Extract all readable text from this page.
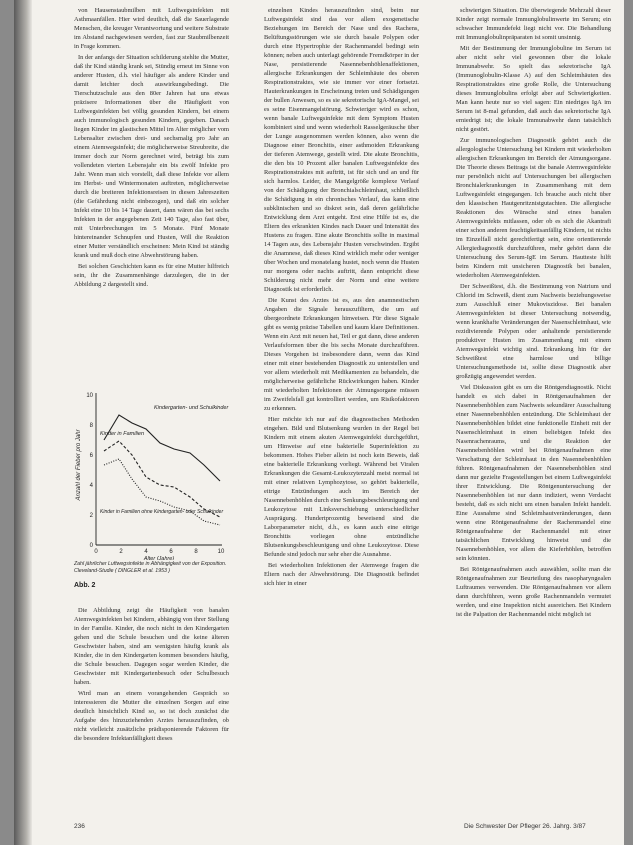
von Hausenstaubmilben mit Luftwegsinfekten mit Asthmaanfällen. Hier wird deutlich, daß die Sauerlagende Menschen, die kreuger Verantwortung und weitere Substrate im Abstand nachgewiesen werden, fast zur Staubmilbenzeit in Frage kommen.

In der anfangs der Situation schilderung stehlte die Mutter, daß ihr Kind ständig krank sei, Stündig erneut im Sinne von anderer Husten, d.h. viel häufiger als andere Kinder und damit leichter doch auswirkungsbedingt. Die Tierschutzschule aus den 80er Jahren hat uns etwas präzisere Informationen über die Häufigkeit von Luftwegsinfekten bei völlig gesunden Kindern, bei einem auch immunologisch gesunden Kindern, gegeben. Danach liegen Kinder im glastischen Mittel im Alter möglicher vom Lebensalter zwischen drei- und sechsmalig pro Jahr an einem Atemwegsinfekt; die möglicherweise Streubreite, die immer doch zur Norm gerechnet wird, beträgt bis zum vollendeten vierten Lebensjahr ein bis zwölf Infekte pro Jahr. Wenn man sich vorstellt, daß diese Infekte vor allem im Herbst- und Wintermonaten auftreten, möglicherweise durch die breiteren Infektionsreisen in diesen Jahreszeiten (die Gefährdung nicht einbezogen), und daß ein solcher Infekt eine 10 bis 14 Tage dauert, dann wären das bei sechs Infekten in der angegebenen Zeit 140 Tage, also fast über, mit Unterbrechungen im 5 Monate. Fünf Monate hintereinander Schnupfen und Husten, Will die Reaktion einer Mutter verständlich erscheinen: Mein Kind ist ständig krank und muß doch eine Abwehrstörung haben.

Bei solchen Geschichten kann es für eine Mutter hilfreich sein, ihr die Zusammenhänge darzulegen, die in der Abbildung 2 dargestellt sind.

Anzahl der Fieber pro Jahr
0
2
4
6
8
10
0	2	4	6	8	10
Kindergarten- und Schulkinder
Kinder in Familien
Kinder in Familien ohne Kindergarten- oder Schulkinder
Alter (Jahre)
Zahl jährlicher Luftwegsinfekte in Abhängigkeit von der Exposition. Cleveland-Studie ( DINGLER et al. 1953 )
Abb. 2

Die Abbildung zeigt die Häufigkeit von banalen Atemwegsinfekten bei Kindern, abhängig von ihrer Stellung in der Familie. Kinder, die noch nicht in den Kindergarten gehen und die Schule besuchen und die keine älteren Geschwister haben, sind am wenigsten häufig krank als Kinder, die in den Kindergarten kommen besonders häufig, die Schule besuchen. Dagegen sogar werden Kinder, die Geschwister mit Kindergartenbesuch oder Schulbesuch haben.

Wird man an einem vorangehenden Gespräch so interessieren die Mutter die einzelnen Sorgen auf eine deutlich hinsichtlich Kind so, so ist doch zunächst die Aufgabe des hinzuziehenden Arztes herauszufinden, ob nicht vielleicht zusätzliche prädisponierende Faktoren für die besondere Infektanfälligkeit dieses

einzelnen Kindes herauszufinden sind, beim nur Luftwegsinfekt sind das vor allem exogenetische Beziehungen im Bereich der Nase und des Rachens, Belüftungsstörungen wie sie durch basale Polypen oder durch eine Hypertrophie der Rachenmandel bedingt sein können; neben auch unterlagt gehörende Fremdkörper in der Nase, persistierende Nasennebenhöhlenaffektionen, allergische Erkrankungen der Schleimhäute des oberen Respirationstraktes, wie sie immer vor einer fortsetzt. Hauterkrankungen in Erscheinung treten und Schädigungen der bullen Anwesen, so es sie sekretorische IgA-Mangel, sei es seine Eisenmangelstörung. Schwieriger wird es schon, wenn banale Luftwegsinfekte mit dem Symptom Husten kombiniert sind und wenn wiederholt Rasselgeräusche über der Lunge ausgenommen werden können, also wenn die Diagnose einer Bronchitis, einer asthmoiden Erkrankung der tieferen Atemwege, gestellt wird. Die akute Bronchitis, die den bis 10 Prozent aller banalen Luftwegsinfekte des Respirationstraktes mit auftritt, ist für sich und an und für sich harmlos. Leider, die Mangelgröße komplexe Verlauf von der Schädigung der Bronchialschleimhaut, schließlich die Schädigung in ein chronisches Verlauf, das kann eine subklinischen und so diskret sein, daß deren gefährliche Entwicklung dem Arzt entgeht. Erst eine Hilfe ist es, die Eltern des erkrankten Kindes nach Dauer und Intensität des Hustens zu fragen. Eine akute Bronchitis sollte in maximal 14 Tagen aus, des Lebensjahr Husten verschwinden. Ergibt die Anamnese, daß dieses Kind wirklich mehr oder weniger über Wochen und monatelang hustet, noch wenn die Husten nur morgens oder nachts auftritt, dann entspricht diese Schilderung nicht mehr der Norm und eine weitere Diagnostik ist erforderlich.

Die Kunst des Arztes ist es, aus den anamnestischen Angaben die Signale herauszufiltern, die um auf übergeordnete Erkrankungen hinweisen. Für diese Signale gibt es wenig präzise Tabellen und kaum klare Definitionen. Wenn ein Arzt mit neuen hat, Teil er gut dann, diese anderen Verlaufsformen über die bis sechs Monate durchzuführen. Dieses Vorgehen ist insbesondere dann, wenn das Kind einer mit einer bestehenden Diagnostik zu unterstellen und vor allem wiederholt mit Medikamenten zu behandeln, die möglicherweise gefährliche Rückwirkungen haben. Kinder mit wiederholten Infektionen der Atmungsorgane müssen im Zweifelsfall gut kontrolliert werden, um Risikofaktoren zu erkennen.

Hier möchte ich nur auf die diagnostischen Methoden eingehen. Bild und Blutsenkung wurden in der Regel bei Kindern mit einem akuten Atemwegsinfekt durchgeführt, um Hinweise auf eine bakterielle Superinfektion zu bekommen. Hohes Fieber allein ist noch kein Beweis, daß eine bakterielle Erkrankung vorliegt. Während bei Viralen Erkrankungen die Gesamt-Leukozytenzahl meist normal ist mit einer relativen Lymphozytose, so gehört bakterielle, eitrige Entzündungen auch im Bereich der Nasennebenhöhlen durch eine Senkungsbeschleunigung und Leukozytose mit Linksverschiebung unterschiedlicher Ausprägung. Hundertprozentig beweisend sind die Laborparameter nicht, d.h., es kann auch eine eitrige Bronchitis vorliegen ohne entzündliche Blutsenkungsbeschleunigung und ohne Leukozytose. Diese Befunde sind jedoch nur sehr eher die Ausnahme.

Bei wiederholten Infektionen der Atemwege fragen die Eltern nach der Abwehrstörung. Die Diagnostik befindet sich hier in einer

schwierigen Situation. Die überwiegende Mehrzahl dieser Kinder zeigt normale Immunglobulinwerte im Serum; ein schwacher Immundefekt liegt nicht vor. Die Behandlung mit Immunglobulinpräparaten ist somit unsinnig.

Mit der Bestimmung der Immunglobuline im Serum ist aber nicht sehr viel gewonnen über die lokale Immunabwehr. So spielt das sekretorische IgA (Immunoglobulin-Klasse A) auf den Schleimhäuten des Respirationstraktes eine große Rolle, die Untersuchung dieses Immunglobulins erfolgt aber auf Schwierigkeiten. Man kann heute nur so viel sagen: Ein niedriges IgA im Serum ist 8-mal gefunden, daß auch das sekretorische IgA erniedrigt ist; die lokale Immunabwehr dann tatsächlich nicht gestört.

Zur immunologischen Diagnostik gehört auch die allergologische Untersuchung bei Kindern mit wiederholten allergischen Erkrankungen im Bereich der Atmungsorgane. Die Theorie dieses Beitrags ist die banale Atemwegsinfekte nur persönlich nicht auf Untersuchungen bei allergischen Bronchialerkrankungen in Zusammenhang mit dem Luftwegsinfekt eingegangen. Ich brauche auch nicht über den klassischen Hautgenritznistgutachten. Die allergische Reaktionen des Wünsche sind eines banalen Atemwegsinfekts mitlassen, oder ob es sich die Akantrafi einer schon anderen feuchtigkeitsanfällig Kindern, ist nichts im Einzelfall nicht gerechtfertigt sein, eine orientierende Allergiediagnostik durchzuführen, mehr gehört dann die Untersuchung des Serum-IgE im Serum. Hautteste hilft beim Kindern mit unsicheren Diagnostik bei banalen, wiederholten Atemwegsinfekten.

Der Schweißtest, d.h. die Bestimmung von Natrium und Chlorid im Schweiß, dient zum Nachweis beziehungsweise zum Ausschluß einer Mukoviszidose. Bei banalen Atemwegsinfekten ist dieser Untersuchung notwendig, wenn krankhafte Veränderungen der Nasenschleimhaut, wie rezidivierende Polypen oder anhaltende persistierende produktiver Husten im Zusammenhang mit einem Atemwegsinfekt wichtig sind. Erkrankung hin für der Schweißtest eine harmlose und billige Untersuchungsmethode ist, sollte diese Diagnostik aber großzügig angewendet werden.

Viel Diskussion gibt es um die Röntgendiagnostik. Nicht handelt es sich dabei in Röntgenaufnahmen der Nasennebenhöhlen zum Nachweis sekundärer Ausschaltung einer Nasennebenhöhlen entzündung. Die Schleimhaut der Nasennebenhöhlen bildet eine funktionelle Einheit mit der Nasenschleimhaut in einen beliebigen Infekt des Nasenrachenraums, und die Reaktion der Nasennebenhöhlen wird bei Röntgenaufnahmen eine Verschattung der Schleimhaut in den Nasennebenhöhlen führen. Röntgenaufnahmen der Nasennebenhöhlen sind dann nur gezielte Fragestellungen bei einem Luftwegsinfekt ihrer Entwicklung. Die Röntgenuntersuchung der Nasennebenhöhlen ist nur dann indiziert, wenn Verdacht besteht, daß es sich nicht um einen banalen Infekt handelt. Eine Ausnahme sind Schleimhautveränderungen, dann wenn eine Röntgenaufnahme der Rachenmandel eine Röntgenaufnahme der Rachenmandel mit einer tatsächlichen Entwicklung hinweist und die Nasennebenhöhlen, vor allem die Kieferhöhlen, betroffen sein könnten.

Bei Röntgenaufnahmen auch auswählen, sollte man die Röntgenaufnahmen zur Beurteilung des nasopharyngealen Luftraumes verwenden. Die Röntgenaufnahmen vor allem dann durchführen, wenn große Rachenmandeln vermutet werden, und eine Inspektion nicht ausreichen. Bei Kindern ist die Palpation der Rachenmandel nicht möglich ist

236	Die Schwester Der Pfleger 26. Jahrg. 3/87
